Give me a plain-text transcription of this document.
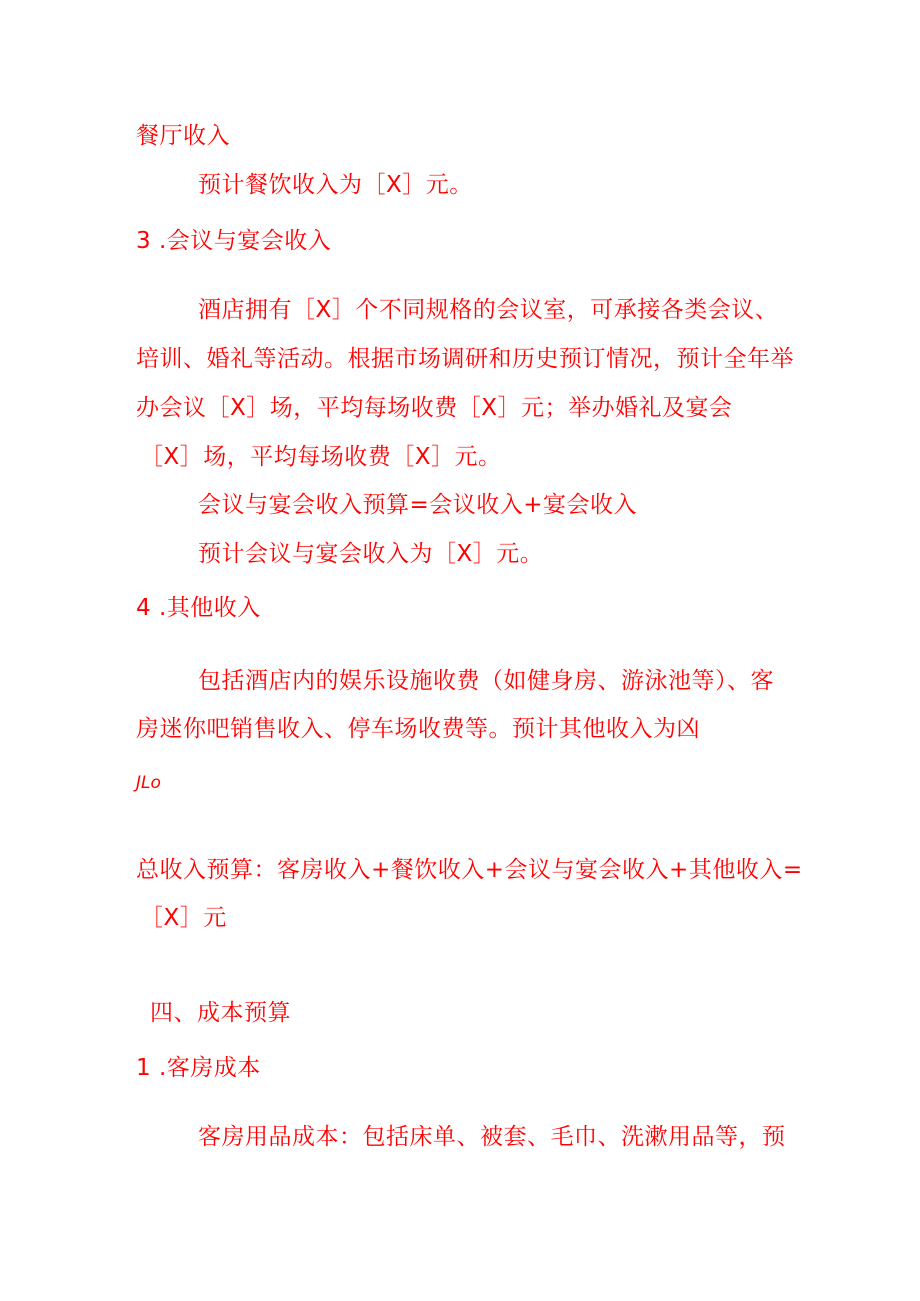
餐厅收入
预计餐饮收入为［X］元。
3 .会议与宴会收入
酒店拥有［X］个不同规格的会议室，可承接各类会议、
培训、婚礼等活动。根据市场调研和历史预订情况，预计全年举
办会议［X］场，平均每场收费［X］元；举办婚礼及宴会
［X］场，平均每场收费［X］元。
会议与宴会收入预算=会议收入+宴会收入
预计会议与宴会收入为［X］元。
4 .其他收入
包括酒店内的娱乐设施收费（如健身房、游泳池等）、客
房迷你吧销售收入、停车场收费等。预计其他收入为凶
JLo
总收入预算：客房收入+餐饮收入+会议与宴会收入+其他收入=
［X］元
四、成本预算
1 .客房成本
客房用品成本：包括床单、被套、毛巾、洗漱用品等，预
